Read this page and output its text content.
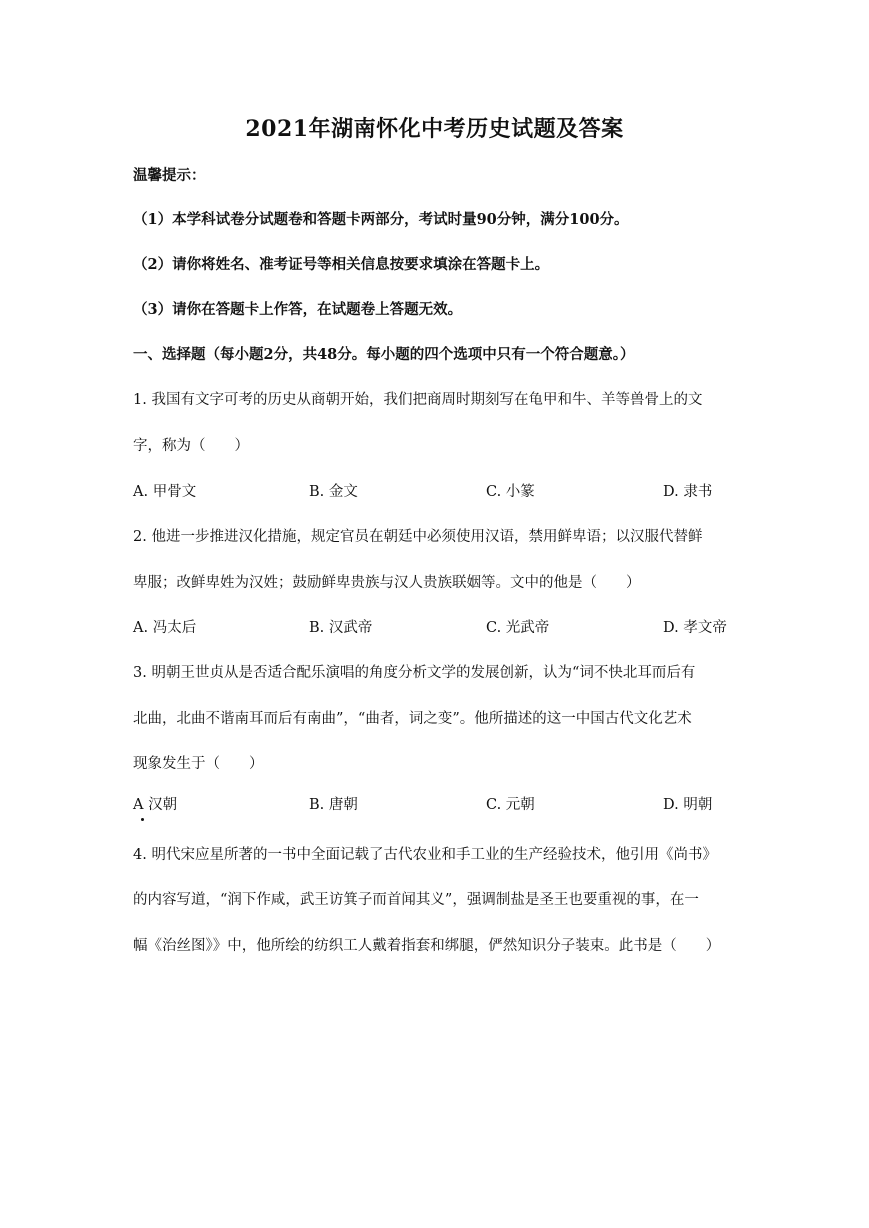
2021年湖南怀化中考历史试题及答案
温馨提示：
（1）本学科试卷分试题卷和答题卡两部分，考试时量90分钟，满分100分。
（2）请你将姓名、准考证号等相关信息按要求填涂在答题卡上。
（3）请你在答题卡上作答，在试题卷上答题无效。
一、选择题（每小题2分，共48分。每小题的四个选项中只有一个符合题意。）
1. 我国有文字可考的历史从商朝开始，我们把商周时期刻写在龟甲和牛、羊等兽骨上的文
字，称为（　　）
A. 甲骨文	B. 金文	C. 小篆	D. 隶书
2. 他进一步推进汉化措施，规定官员在朝廷中必须使用汉语，禁用鲜卑语；以汉服代替鲜
卑服；改鲜卑姓为汉姓；鼓励鲜卑贵族与汉人贵族联姻等。文中的他是（　　）
A. 冯太后	B. 汉武帝	C. 光武帝	D. 孝文帝
3. 明朝王世贞从是否适合配乐演唱的角度分析文学的发展创新，认为“词不快北耳而后有
北曲，北曲不谐南耳而后有南曲”，“曲者，词之变”。他所描述的这一中国古代文化艺术
现象发生于（　　）
A 汉朝	B. 唐朝	C. 元朝	D. 明朝
4. 明代宋应星所著的一书中全面记载了古代农业和手工业的生产经验技术，他引用《尚书》
的内容写道，“润下作咸，武王访箕子而首闻其义”，强调制盐是圣王也要重视的事，在一
幅《治丝图》》中，他所绘的纺织工人戴着指套和绑腿，俨然知识分子装束。此书是（　　）
